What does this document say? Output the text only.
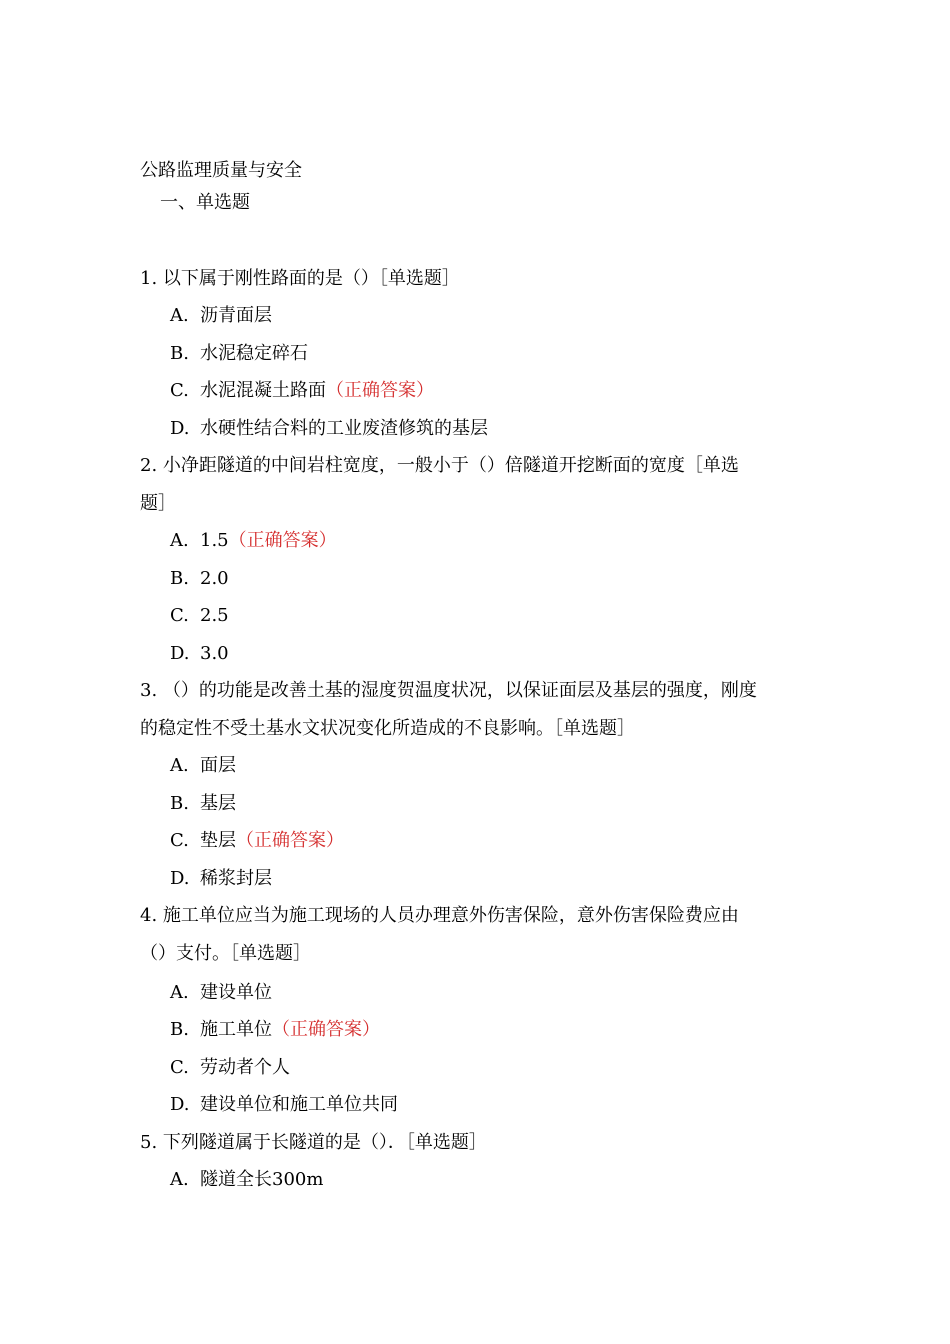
公路监理质量与安全
一、单选题
1. 以下属于刚性路面的是（）［单选题］
A. 沥青面层
B. 水泥稳定碎石
C. 水泥混凝土路面（正确答案）
D. 水硬性结合料的工业废渣修筑的基层
2. 小净距隧道的中间岩柱宽度，一般小于（）倍隧道开挖断面的宽度［单选
题］
A. 1.5（正确答案）
B. 2.0
C. 2.5
D. 3.0
3. （）的功能是改善土基的湿度贺温度状况，以保证面层及基层的强度，刚度
的稳定性不受土基水文状况变化所造成的不良影响。［单选题］
A. 面层
B. 基层
C. 垫层（正确答案）
D. 稀浆封层
4. 施工单位应当为施工现场的人员办理意外伤害保险，意外伤害保险费应由
（）支付。［单选题］
A. 建设单位
B. 施工单位（正确答案）
C. 劳动者个人
D. 建设单位和施工单位共同
5. 下列隧道属于长隧道的是（）．［单选题］
A. 隧道全长300m
